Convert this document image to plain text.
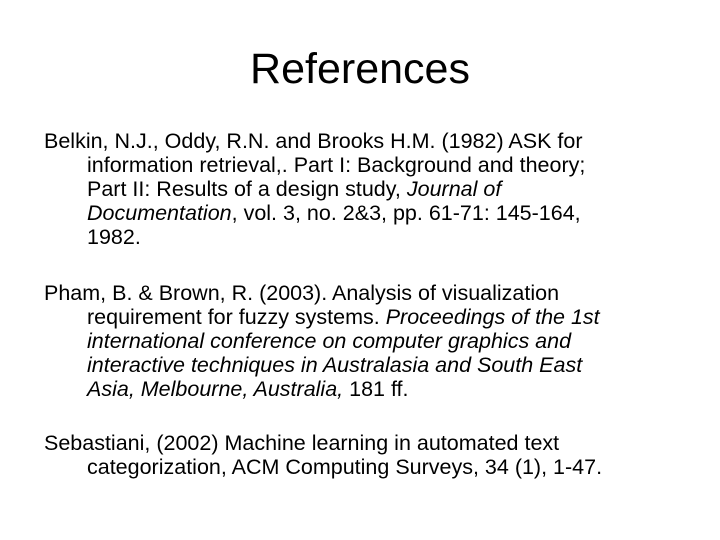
References
Belkin, N.J., Oddy, R.N. and Brooks H.M. (1982) ASK for
information retrieval,. Part I: Background and theory;
Part II: Results of a design study, Journal of
Documentation, vol. 3, no. 2&3, pp. 61-71: 145-164,
1982.
Pham, B. & Brown, R. (2003). Analysis of visualization
requirement for fuzzy systems. Proceedings of the 1st
international conference on computer graphics and
interactive techniques in Australasia and South East
Asia, Melbourne, Australia, 181 ff.
Sebastiani, (2002) Machine learning in automated text
categorization, ACM Computing Surveys, 34 (1), 1-47.
